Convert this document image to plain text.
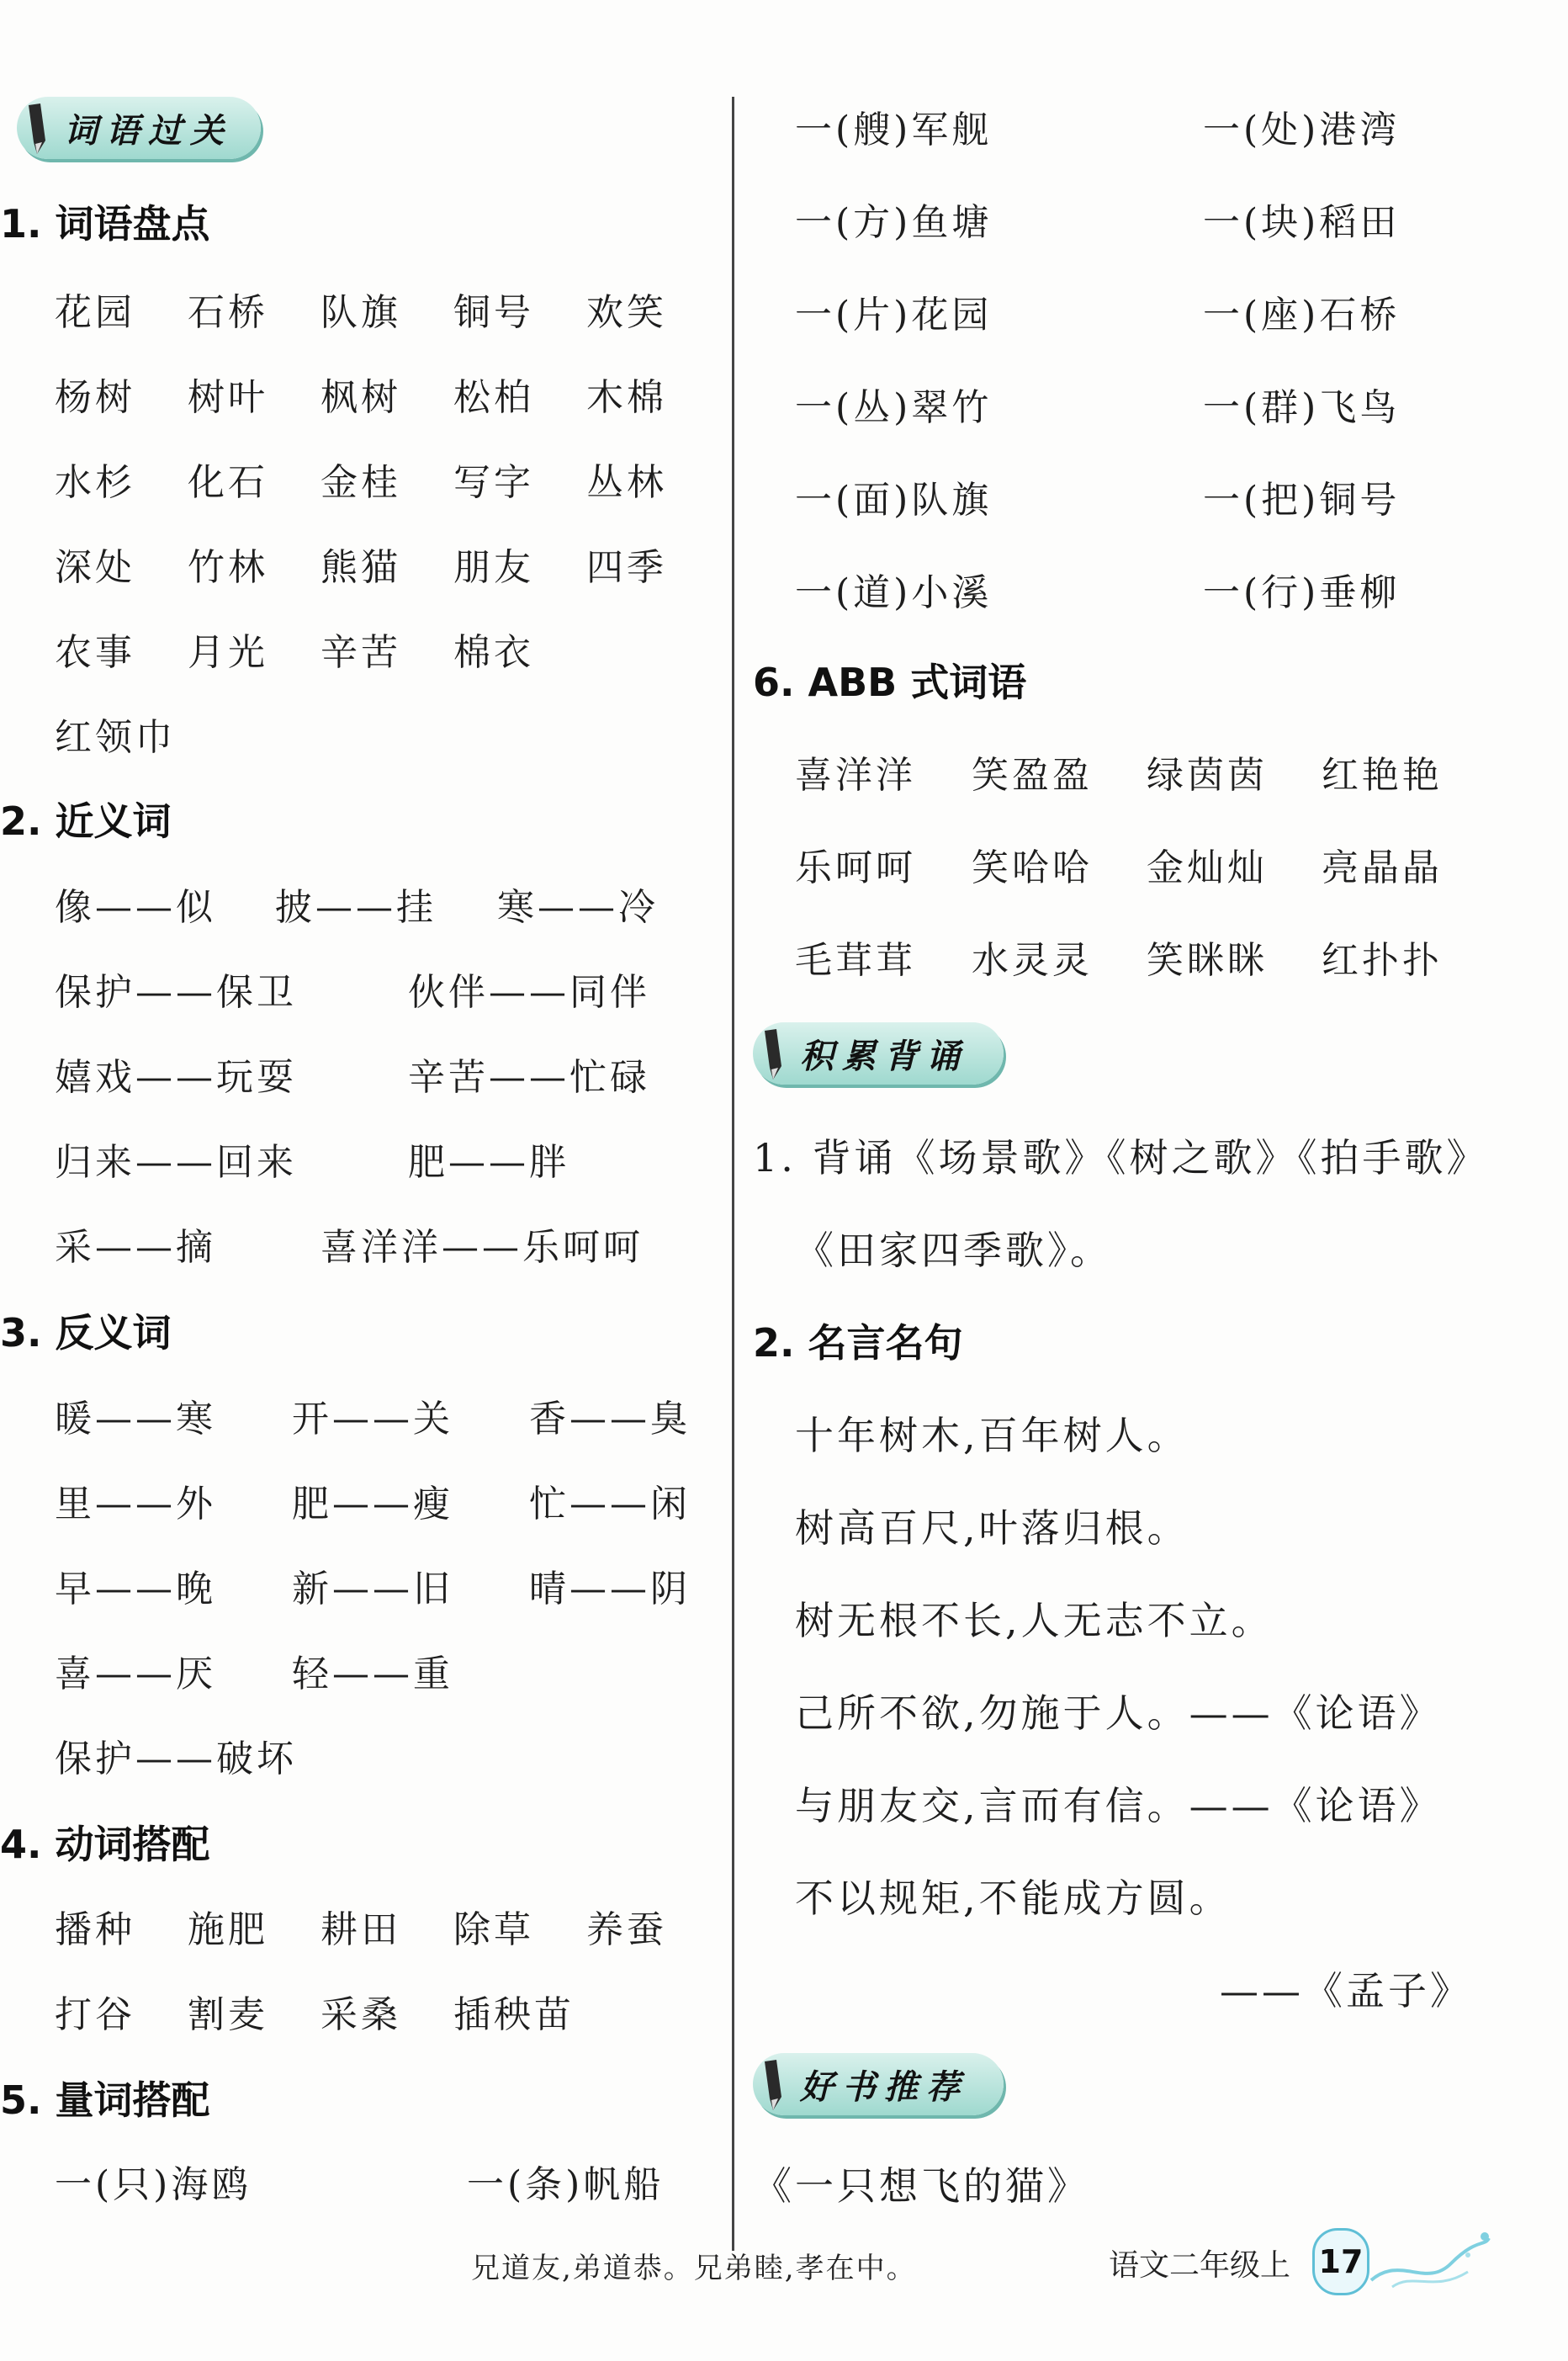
词语过关
1. 词语盘点
花园 石桥 队旗 铜号 欢笑
杨树 树叶 枫树 松柏 木棉
水杉 化石 金桂 写字 丛林
深处 竹林 熊猫 朋友 四季
农事 月光 辛苦 棉衣
红领巾
2. 近义词
像——似 披——挂 寒——冷
保护——保卫	伙伴——同伴
嬉戏——玩耍	辛苦——忙碌
归来——回来	肥——胖
采——摘	喜洋洋——乐呵呵
3. 反义词
暖——寒 开——关 香——臭
里——外 肥——瘦 忙——闲
早——晚 新——旧 晴——阴
喜——厌 轻——重
保护——破坏
4. 动词搭配
播种 施肥 耕田 除草 养蚕
打谷 割麦 采桑 插秧苗
5. 量词搭配
一(只)海鸥	一(条)帆船
一(艘)军舰	一(处)港湾
一(方)鱼塘	一(块)稻田
一(片)花园	一(座)石桥
一(丛)翠竹	一(群)飞鸟
一(面)队旗	一(把)铜号
一(道)小溪	一(行)垂柳
6. ABB 式词语
喜洋洋 笑盈盈 绿茵茵 红艳艳
乐呵呵 笑哈哈 金灿灿 亮晶晶
毛茸茸 水灵灵 笑眯眯 红扑扑
积累背诵
1. 背诵《场景歌》《树之歌》《拍手歌》
《田家四季歌》。
2. 名言名句
十年树木,百年树人。
树高百尺,叶落归根。
树无根不长,人无志不立。
己所不欲,勿施于人。——《论语》
与朋友交,言而有信。——《论语》
不以规矩,不能成方圆。
——《孟子》
好书推荐
《一只想飞的猫》
兄道友,弟道恭。兄弟睦,孝在中。	语文二年级上 17
